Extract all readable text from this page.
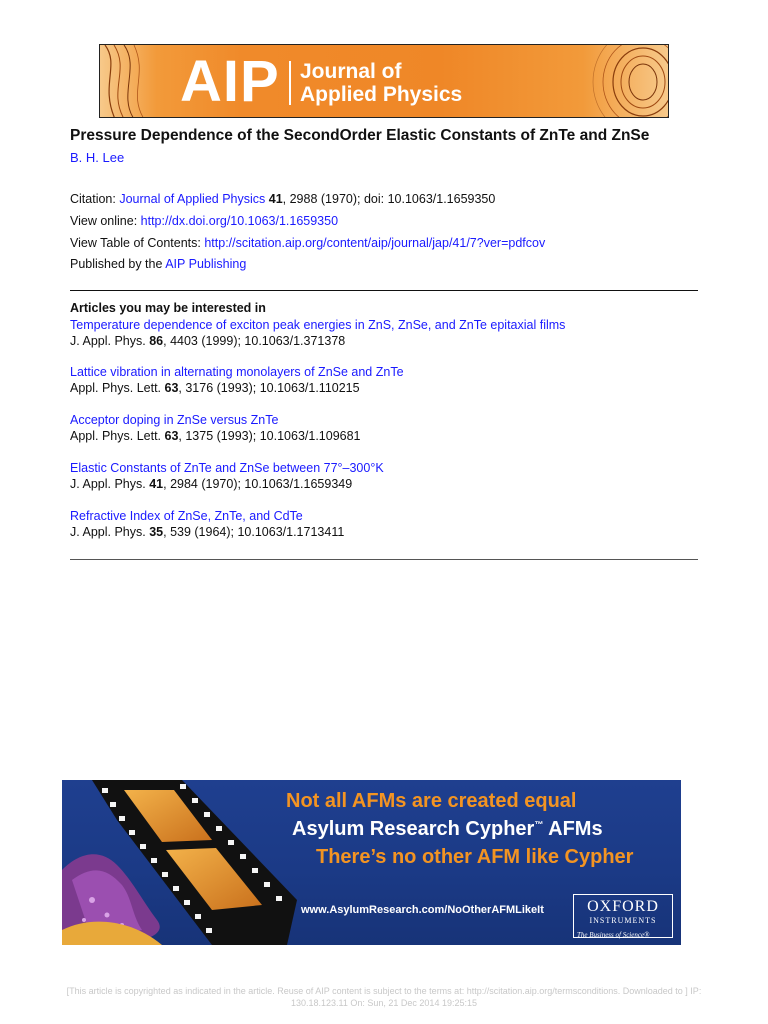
AIP Journal of
Applied Physics
Pressure Dependence of the SecondOrder Elastic Constants of ZnTe and ZnSe
B. H. Lee
Citation: Journal of Applied Physics 41, 2988 (1970); doi: 10.1063/1.1659350
View online: http://dx.doi.org/10.1063/1.1659350
View Table of Contents: http://scitation.aip.org/content/aip/journal/jap/41/7?ver=pdfcov
Published by the AIP Publishing
Articles you may be interested in
Temperature dependence of exciton peak energies in ZnS, ZnSe, and ZnTe epitaxial films
J. Appl. Phys. 86, 4403 (1999); 10.1063/1.371378
Lattice vibration in alternating monolayers of ZnSe and ZnTe
Appl. Phys. Lett. 63, 3176 (1993); 10.1063/1.110215
Acceptor doping in ZnSe versus ZnTe
Appl. Phys. Lett. 63, 1375 (1993); 10.1063/1.109681
Elastic Constants of ZnTe and ZnSe between 77°–300°K
J. Appl. Phys. 41, 2984 (1970); 10.1063/1.1659349
Refractive Index of ZnSe, ZnTe, and CdTe
J. Appl. Phys. 35, 539 (1964); 10.1063/1.1713411
Not all AFMs are created equal
Asylum Research Cypher™ AFMs
There’s no other AFM like Cypher
www.AsylumResearch.com/NoOtherAFMLikeIt	OXFORD
INSTRUMENTS
The Business of Science®
[This article is copyrighted as indicated in the article. Reuse of AIP content is subject to the terms at: http://scitation.aip.org/termsconditions. Downloaded to ] IP:
130.18.123.11 On: Sun, 21 Dec 2014 19:25:15
